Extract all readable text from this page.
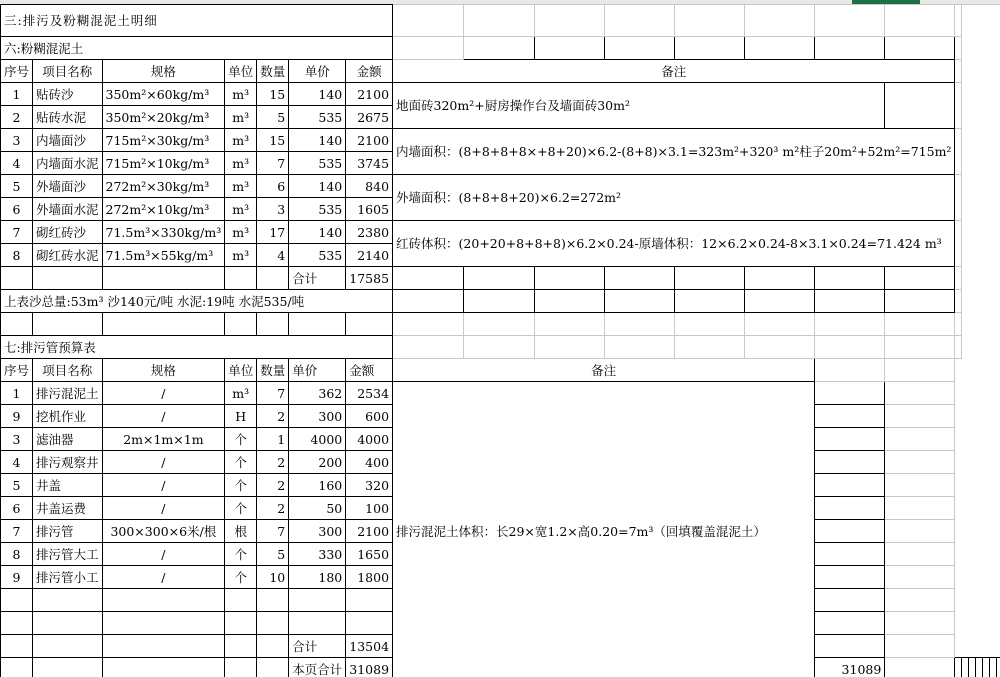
三:排污及粉糊混泥土明细																					
六:粉糊混泥土																					
序号	项目名称	规格	单位	数量	单价	金额	备注														
1	贴砖沙	350m²×60kg/m³	m³	15	140	2100	地面砖320m²+厨房操作台及墙面砖30m²														
2	贴砖水泥	350m²×20kg/m³	m³	5	535	2675															
3	内墙面沙	715m²×30kg/m³	m³	15	140	2100	内墙面积：(8+8+8+8×+8+20)×6.2-(8+8)×3.1=323m²+320³ m²柱子20m²+52m²=715m²														
4	内墙面水泥	715m²×10kg/m³	m³	7	535	3745															
5	外墙面沙	272m²×30kg/m³	m³	6	140	840	外墙面积：(8+8+8+20)×6.2=272m²														
6	外墙面水泥	272m²×10kg/m³	m³	3	535	1605															
7	砌红砖沙	71.5m³×330kg/m³	m³	17	140	2380	红砖体积：(20+20+8+8+8)×6.2×0.24-原墙体积：12×6.2×0.24-8×3.1×0.24=71.424 m³														
8	砌红砖水泥	71.5m³×55kg/m³	m³	4	535	2140															
					合计	17585															
上表沙总量:53m³ 沙140元/吨 水泥:19吨 水泥535/吨																					

七:排污管预算表																					
序号	项目名称	规格	单位	数量	单价	金额	备注														
1	排污混泥土	/	m³	7	362	2534	排污混泥土体积：长29×宽1.2×高0.20=7m³（回填覆盖混泥土）														
9	挖机作业	/	H	2	300	600															
3	滤油器	2m×1m×1m	个	1	4000	4000															
4	排污观察井	/	个	2	200	400															
5	井盖	/	个	2	160	320															
6	井盖运费	/	个	2	50	100															
7	排污管	300×300×6米/根	根	7	300	2100															
8	排污管大工	/	个	5	330	1650															
9	排污管小工	/	个	10	180	1800															

					合计	13504															
					本页合计	31089							31089								
